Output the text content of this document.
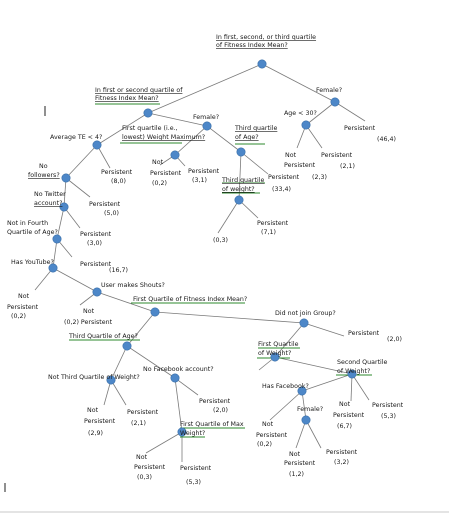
In first, second, or third quartile
of Fitness Index Mean?
Female?
In first or second quartile of
Fitness Index Mean?
Age < 30?
Persistent
(46,4)
Female?
Third quartile
of Age?
Not
Persistent
Persistent
(2,1)
(2,3)
Average TE < 4?
First quartile (i.e.,
lowest) Weight Maximum?
No
followers?	Persistent
(8,0)
Not
Persistent
(0,2)
Persistent
(3,1) Third quartile
of weight?
Persistent
(33,4)
No Twitter
account?	Persistent
(5,0)
Persistent
(7,1)
Not in Fourth
Quartile of Age?	Persistent
(3,0)	(0,3)
Has YouTube?	Persistent
(16,7)
User makes Shouts?
Not
Persistent
(0,2)
Not
(0,2) Persistent
First Quartile of Fitness Index Mean?
Did not join Group?
Persistent
(2,0)
Third Quartile of Age?
First Quartile
of Weight?
No Facebook account?
Second Quartile
of Weight?
Not Third Quartile of Weight?
Has Facebook?
Persistent
(2,0)	Female?
Not
Persistent
(6,7)
Persistent
(5,3)
Not
Persistent
(2,9)
Persistent
(2,1)	First Quartile of Max
Weight?
Not
Persistent
(0,2)
Not
Persistent
(1,2)
Persistent
(3,2)
Not
Persistent
(0,3)
Persistent
(5,3)
